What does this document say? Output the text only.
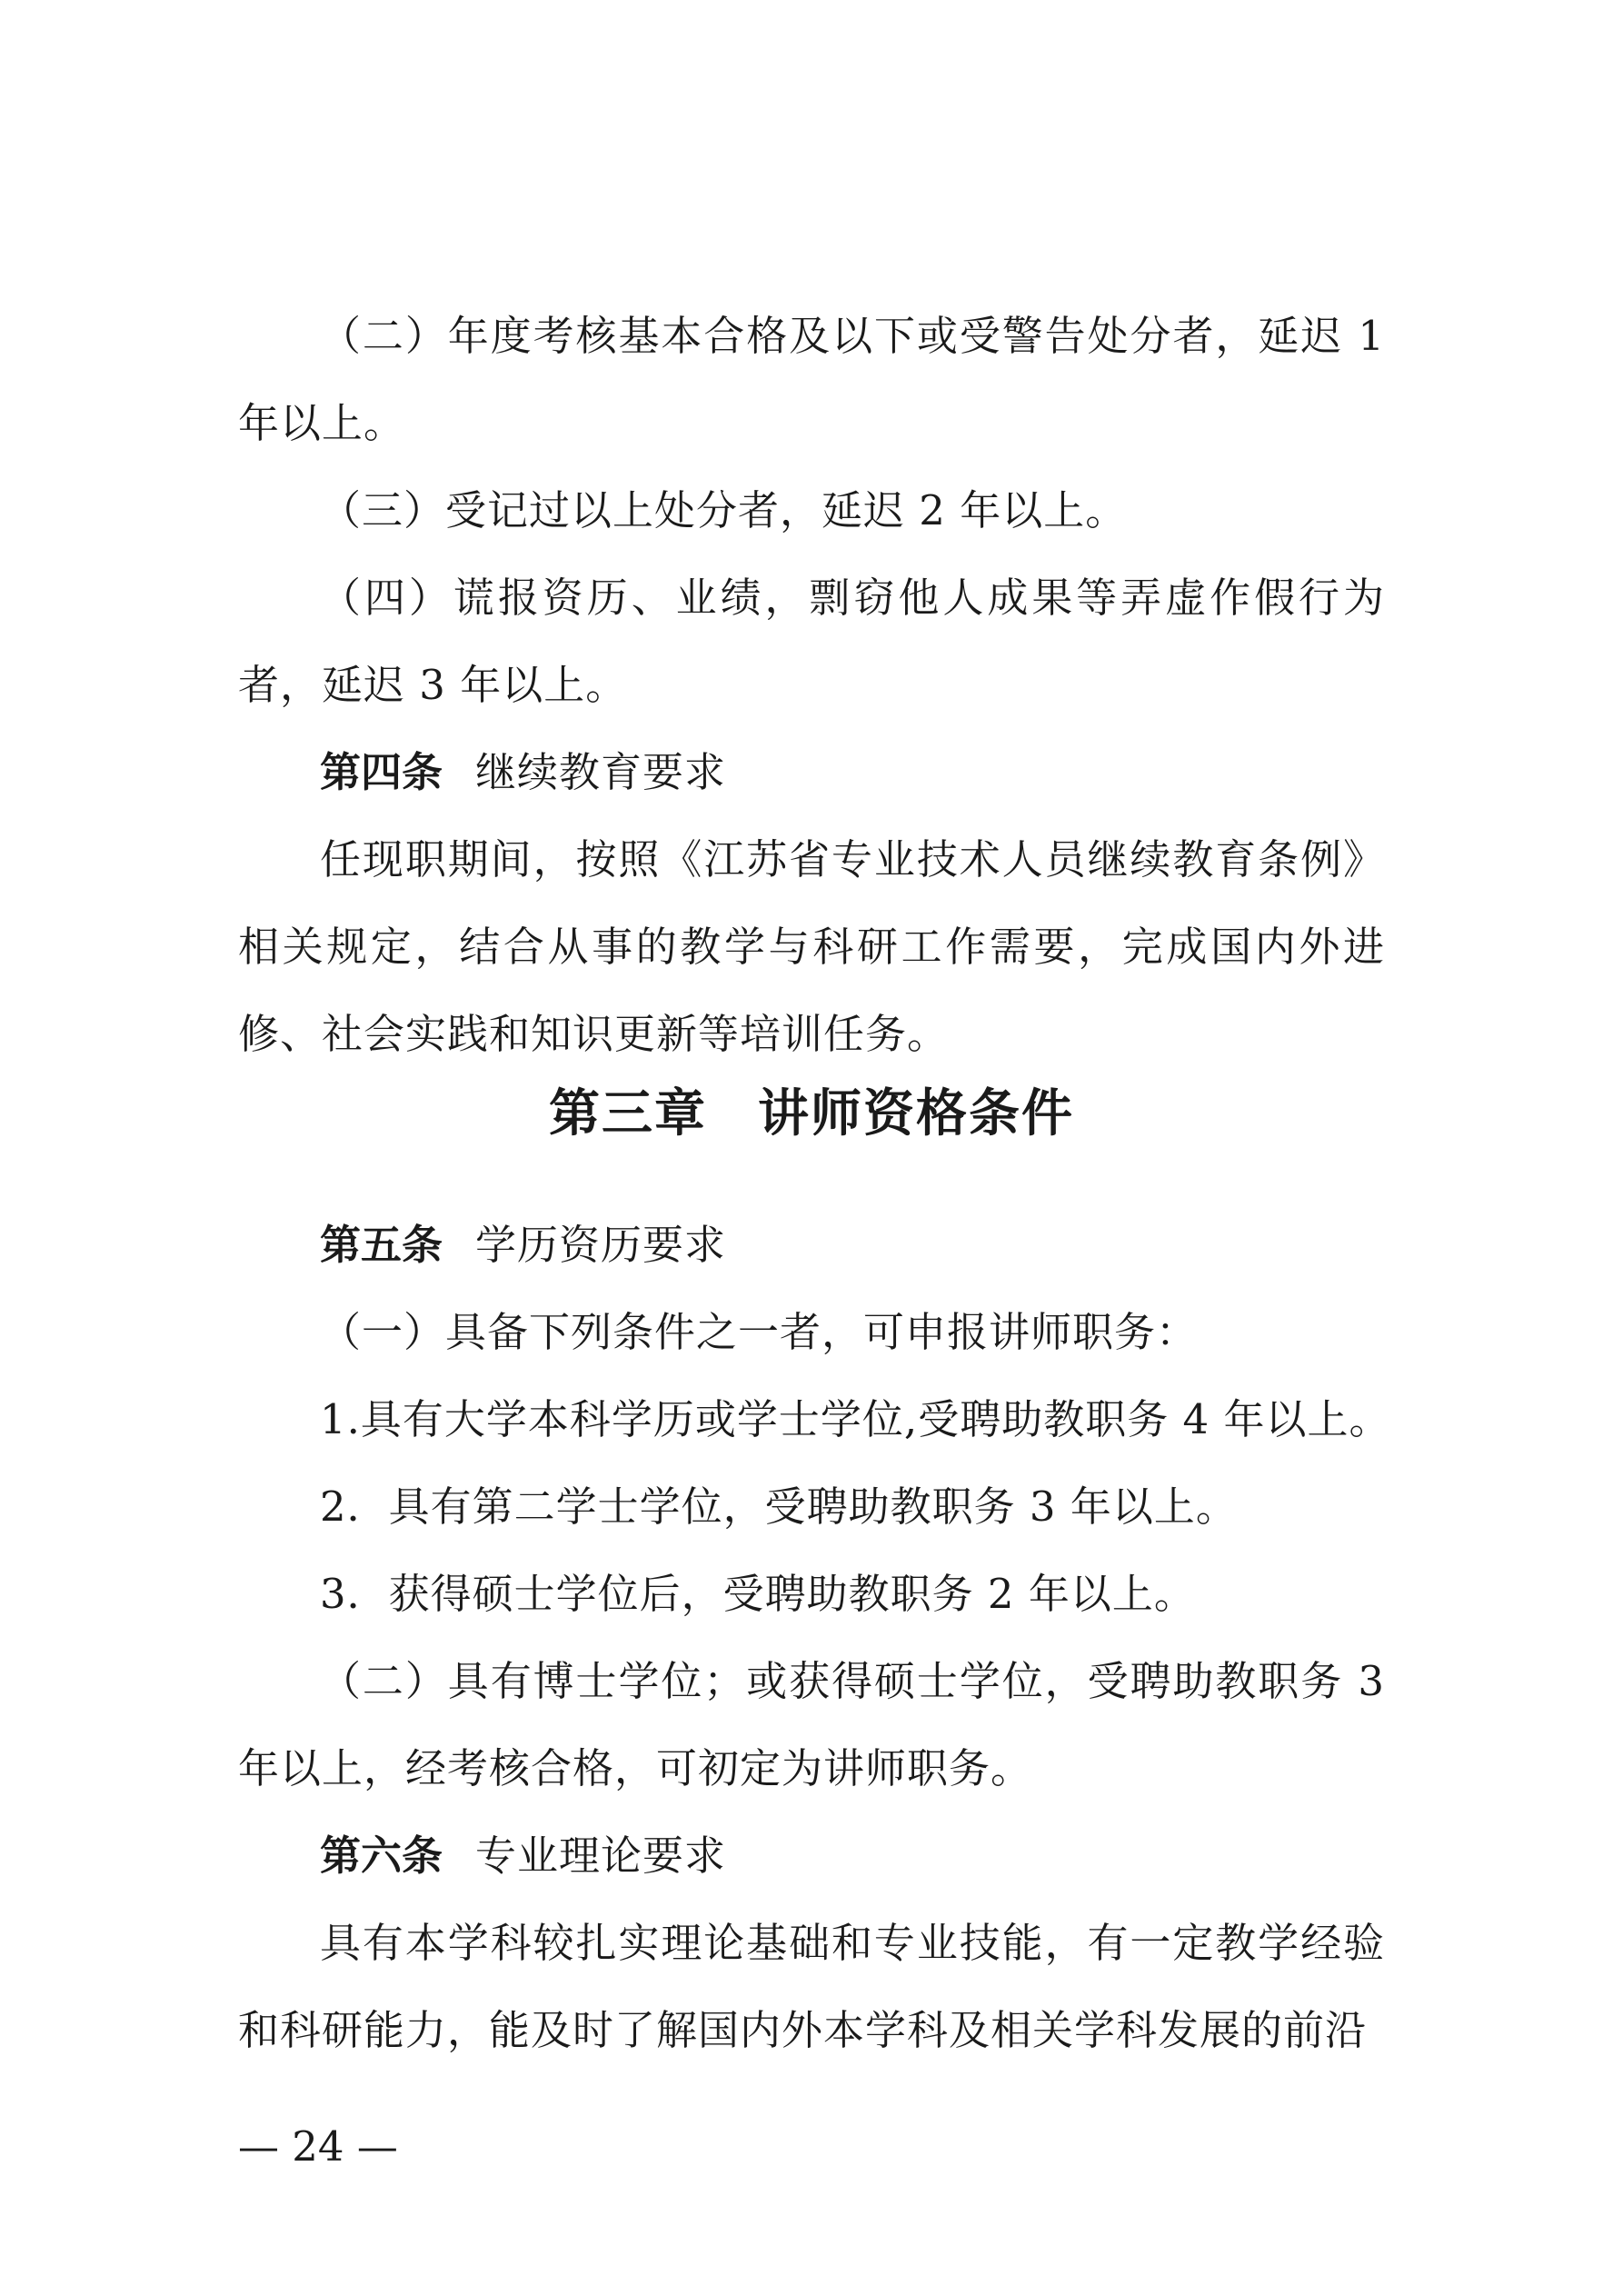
（二）年度考核基本合格及以下或受警告处分者，延迟 1 年以上。

（三）受记过以上处分者，延迟 2 年以上。

（四）谎报资历、业绩，剽窃他人成果等弄虚作假行为者，延迟 3 年以上。

第四条 继续教育要求

任现职期间，按照《江苏省专业技术人员继续教育条例》相关规定，结合从事的教学与科研工作需要，完成国内外进修、社会实践和知识更新等培训任务。

第三章 讲师资格条件

第五条 学历资历要求

（一）具备下列条件之一者，可申报讲师职务：

1.具有大学本科学历或学士学位,受聘助教职务 4 年以上。

2．具有第二学士学位，受聘助教职务 3 年以上。

3．获得硕士学位后，受聘助教职务 2 年以上。

（二）具有博士学位；或获得硕士学位，受聘助教职务 3 年以上，经考核合格，可初定为讲师职务。

第六条 专业理论要求

具有本学科较扎实理论基础和专业技能，有一定教学经验和科研能力，能及时了解国内外本学科及相关学科发展的前沿

— 24 —
